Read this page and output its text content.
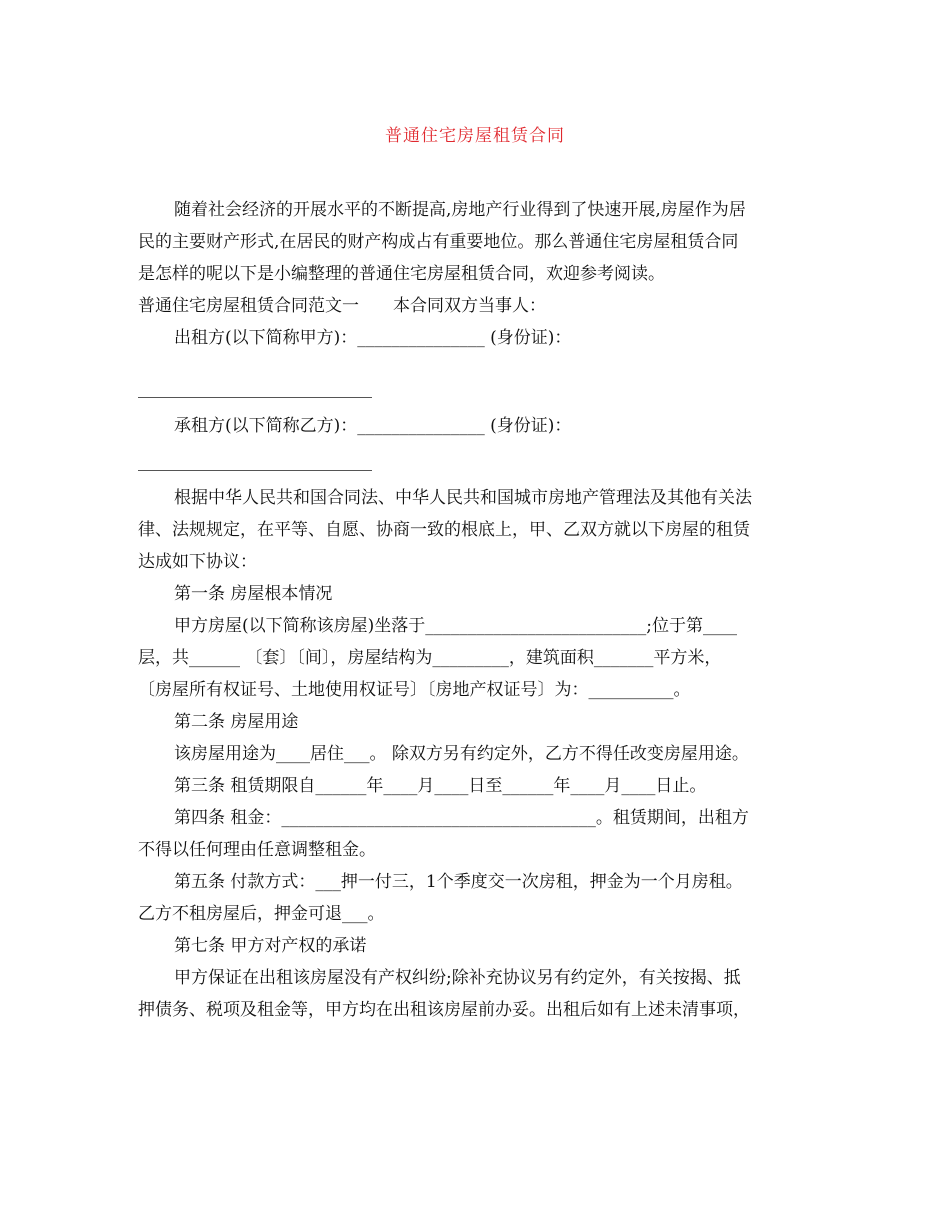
普通住宅房屋租赁合同
随着社会经济的开展水平的不断提高,房地产行业得到了快速开展,房屋作为居
民的主要财产形式,在居民的财产构成占有重要地位。那么普通住宅房屋租赁合同
是怎样的呢以下是小编整理的普通住宅房屋租赁合同，欢迎参考阅读。
普通住宅房屋租赁合同范文一　　本合同双方当事人：
出租方(以下简称甲方)：_______________ (身份证)：
承租方(以下简称乙方)：_______________ (身份证)：
根据中华人民共和国合同法、中华人民共和国城市房地产管理法及其他有关法
律、法规规定，在平等、自愿、协商一致的根底上，甲、乙双方就以下房屋的租赁
达成如下协议：
第一条 房屋根本情况
甲方房屋(以下简称该房屋)坐落于__________________________;位于第____
层，共______ 〔套〕〔间〕，房屋结构为_________，建筑面积_______平方米，
〔房屋所有权证号、土地使用权证号〕〔房地产权证号〕为：__________。
第二条 房屋用途
该房屋用途为____居住___。 除双方另有约定外，乙方不得任改变房屋用途。
第三条 租赁期限自______年____月____日至______年____月____日止。
第四条 租金：_____________________________________。租赁期间，出租方
不得以任何理由任意调整租金。
第五条 付款方式：___押一付三，1个季度交一次房租，押金为一个月房租。
乙方不租房屋后，押金可退___。
第七条 甲方对产权的承诺
甲方保证在出租该房屋没有产权纠纷;除补充协议另有约定外，有关按揭、抵
押债务、税项及租金等，甲方均在出租该房屋前办妥。出租后如有上述未清事项，
